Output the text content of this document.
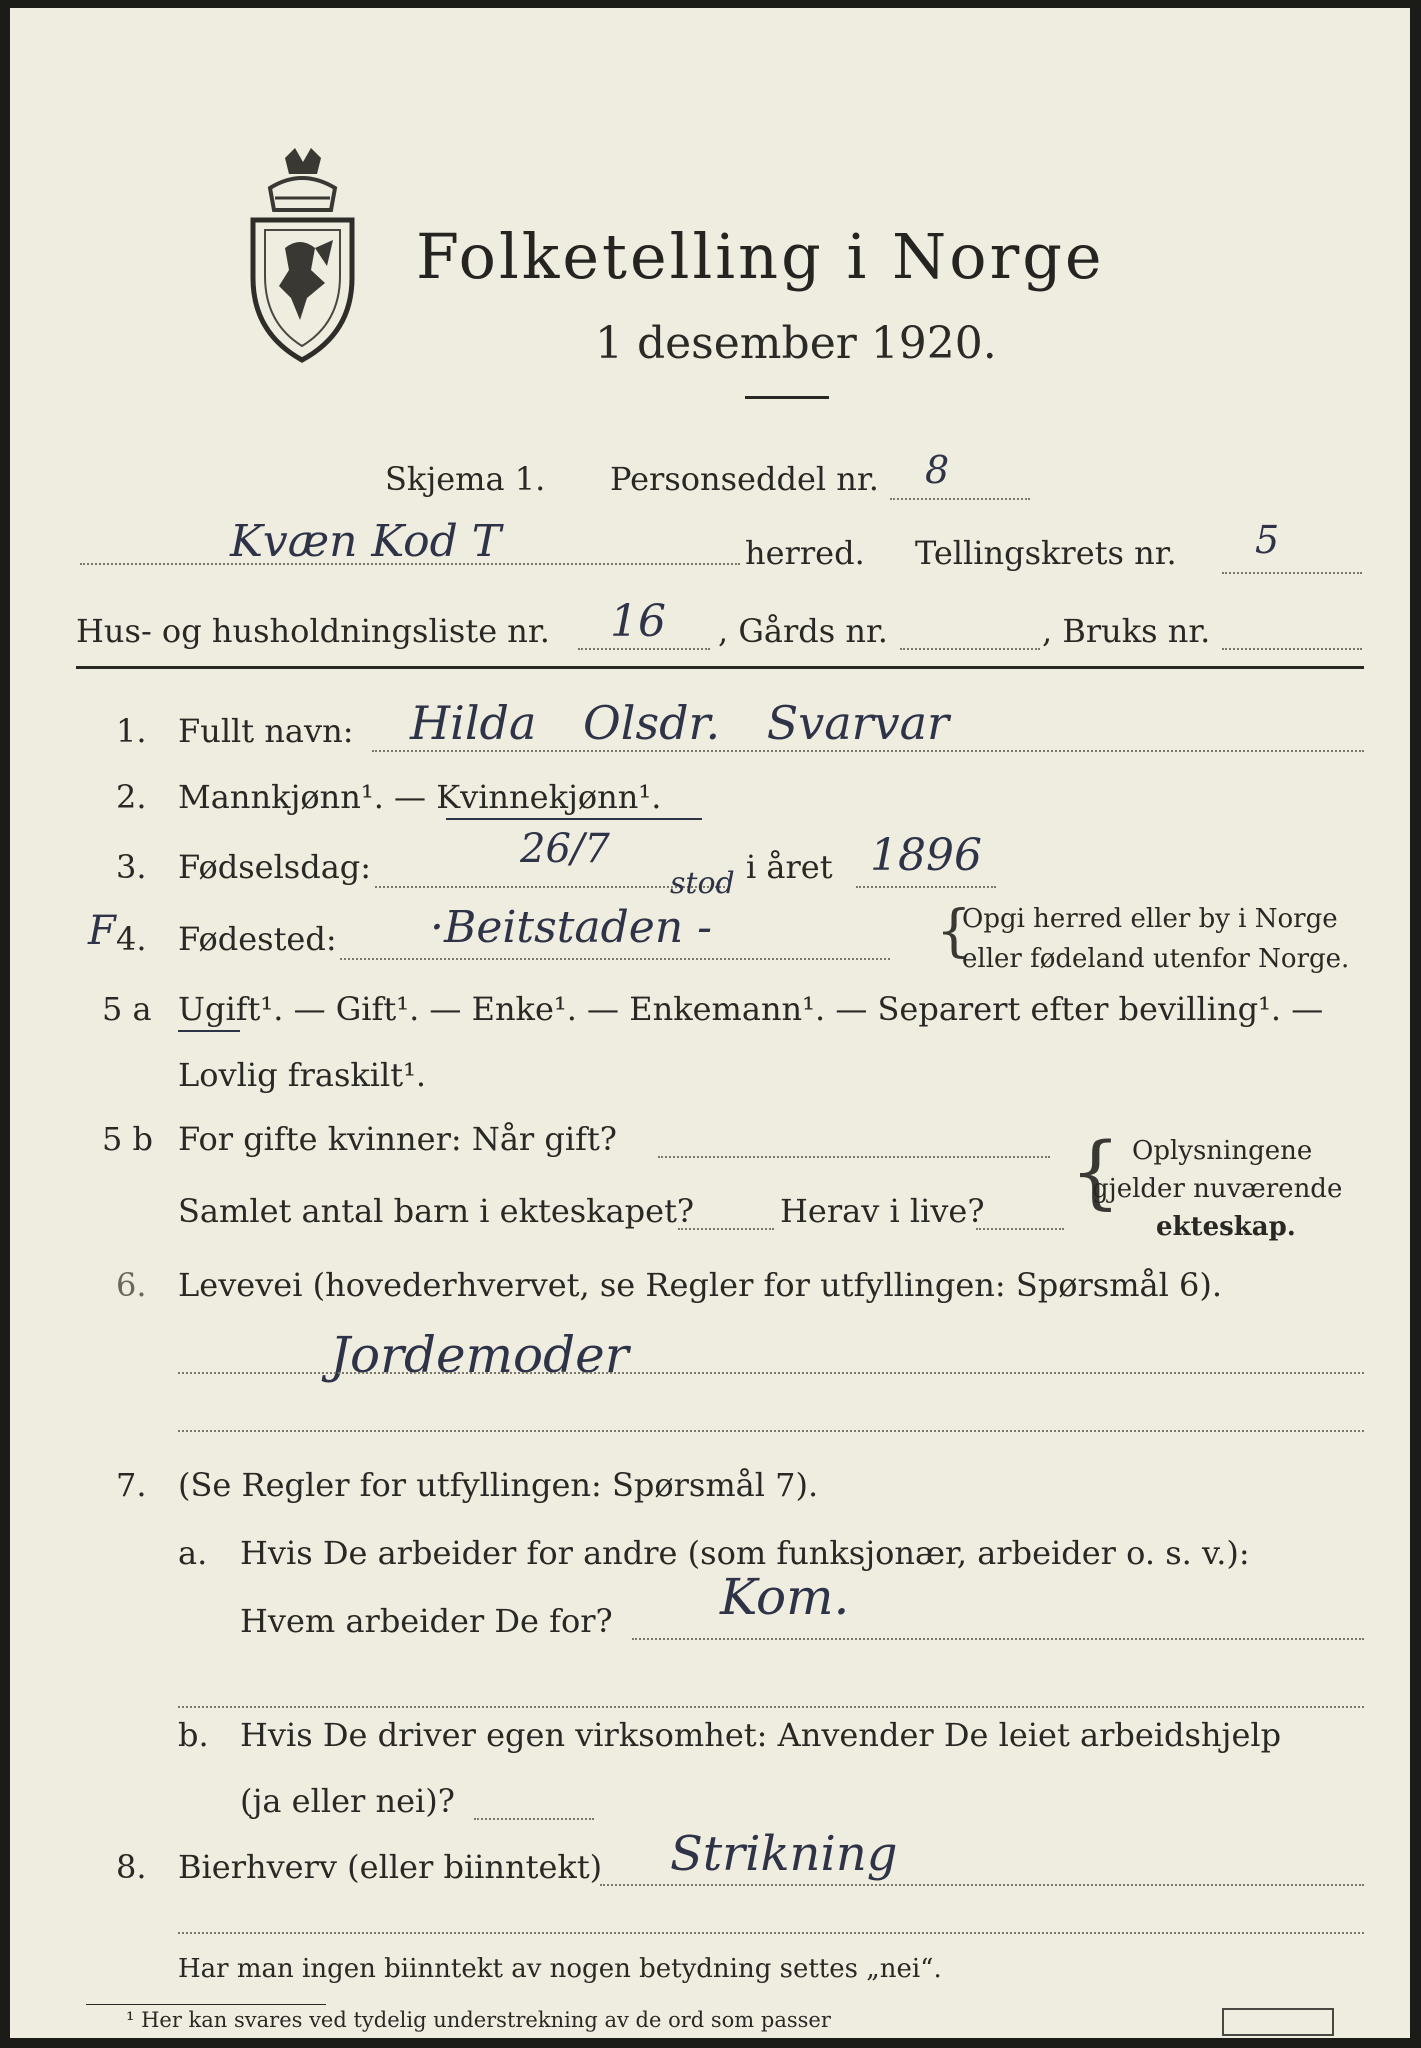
Folketelling i Norge
1 desember 1920.
Skjema 1. Personseddel nr. 8
Kvæn Kod T	herred. Tellingskrets nr. 5
Hus- og husholdningsliste nr. 16 , Gårds nr.	, Bruks nr.
1. Fullt navn: Hilda Olsdr. Svarvar
2. Mannkjønn¹. — Kvinnekjønn¹.
3. Fødselsdag:	26/7	i året 1896
F 4. Fødested: ·Beitstaden -
stod
{
Opgi herred eller by i Norge
eller fødeland utenfor Norge.
5 a Ugift¹. — Gift¹. — Enke¹. — Enkemann¹. — Separert efter bevilling¹. —
Lovlig fraskilt¹.
5 b For gifte kvinner: Når gift?
Samlet antal barn i ekteskapet?	Herav i live? { Oplysningene
gjelder nuværende
ekteskap.
6. Levevei (hovederhvervet, se Regler for utfyllingen: Spørsmål 6).
Jordemoder
7. (Se Regler for utfyllingen: Spørsmål 7).
a. Hvis De arbeider for andre (som funksjonær, arbeider o. s. v.):
Hvem arbeider De for? Kom.
b. Hvis De driver egen virksomhet: Anvender De leiet arbeidshjelp
(ja eller nei)?
8. Bierhverv (eller biinntekt) Strikning
Har man ingen biinntekt av nogen betydning settes „nei“.
¹ Her kan svares ved tydelig understrekning av de ord som passer
